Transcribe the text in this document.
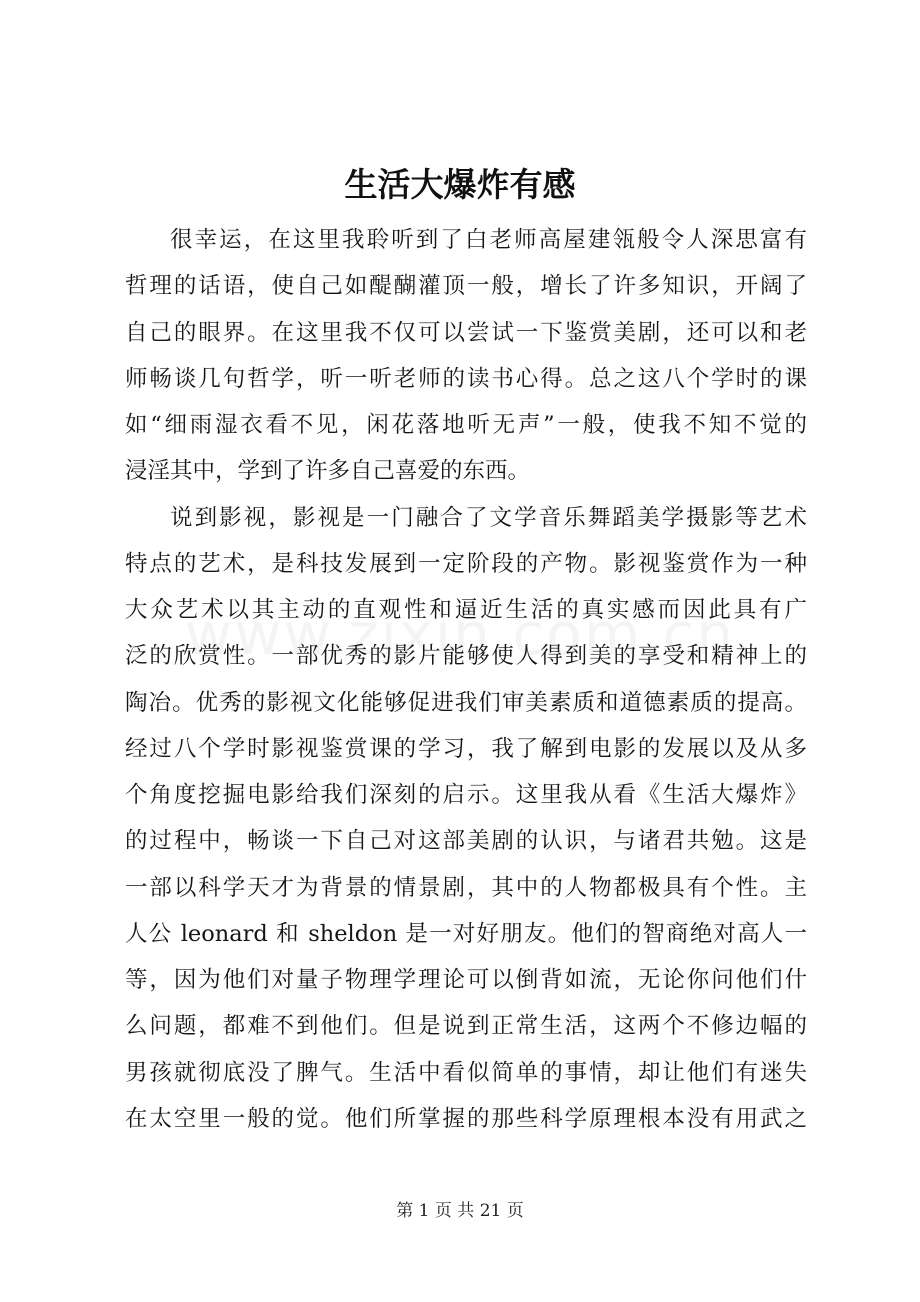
生活大爆炸有感
很幸运，在这里我聆听到了白老师高屋建瓴般令人深思富有
哲理的话语，使自己如醍醐灌顶一般，增长了许多知识，开阔了
自己的眼界。在这里我不仅可以尝试一下鉴赏美剧，还可以和老
师畅谈几句哲学，听一听老师的读书心得。总之这八个学时的课
如“细雨湿衣看不见，闲花落地听无声”一般，使我不知不觉的
浸淫其中，学到了许多自己喜爱的东西。
说到影视，影视是一门融合了文学音乐舞蹈美学摄影等艺术
特点的艺术，是科技发展到一定阶段的产物。影视鉴赏作为一种
大众艺术以其主动的直观性和逼近生活的真实感而因此具有广
泛的欣赏性。一部优秀的影片能够使人得到美的享受和精神上的
陶冶。优秀的影视文化能够促进我们审美素质和道德素质的提高。
经过八个学时影视鉴赏课的学习，我了解到电影的发展以及从多
个角度挖掘电影给我们深刻的启示。这里我从看《生活大爆炸》
的过程中，畅谈一下自己对这部美剧的认识，与诸君共勉。这是
一部以科学天才为背景的情景剧，其中的人物都极具有个性。主
人公 leonard 和 sheldon 是一对好朋友。他们的智商绝对高人一
等，因为他们对量子物理学理论可以倒背如流，无论你问他们什
么问题，都难不到他们。但是说到正常生活，这两个不修边幅的
男孩就彻底没了脾气。生活中看似简单的事情，却让他们有迷失
在太空里一般的觉。他们所掌握的那些科学原理根本没有用武之
第 1 页 共 21 页
